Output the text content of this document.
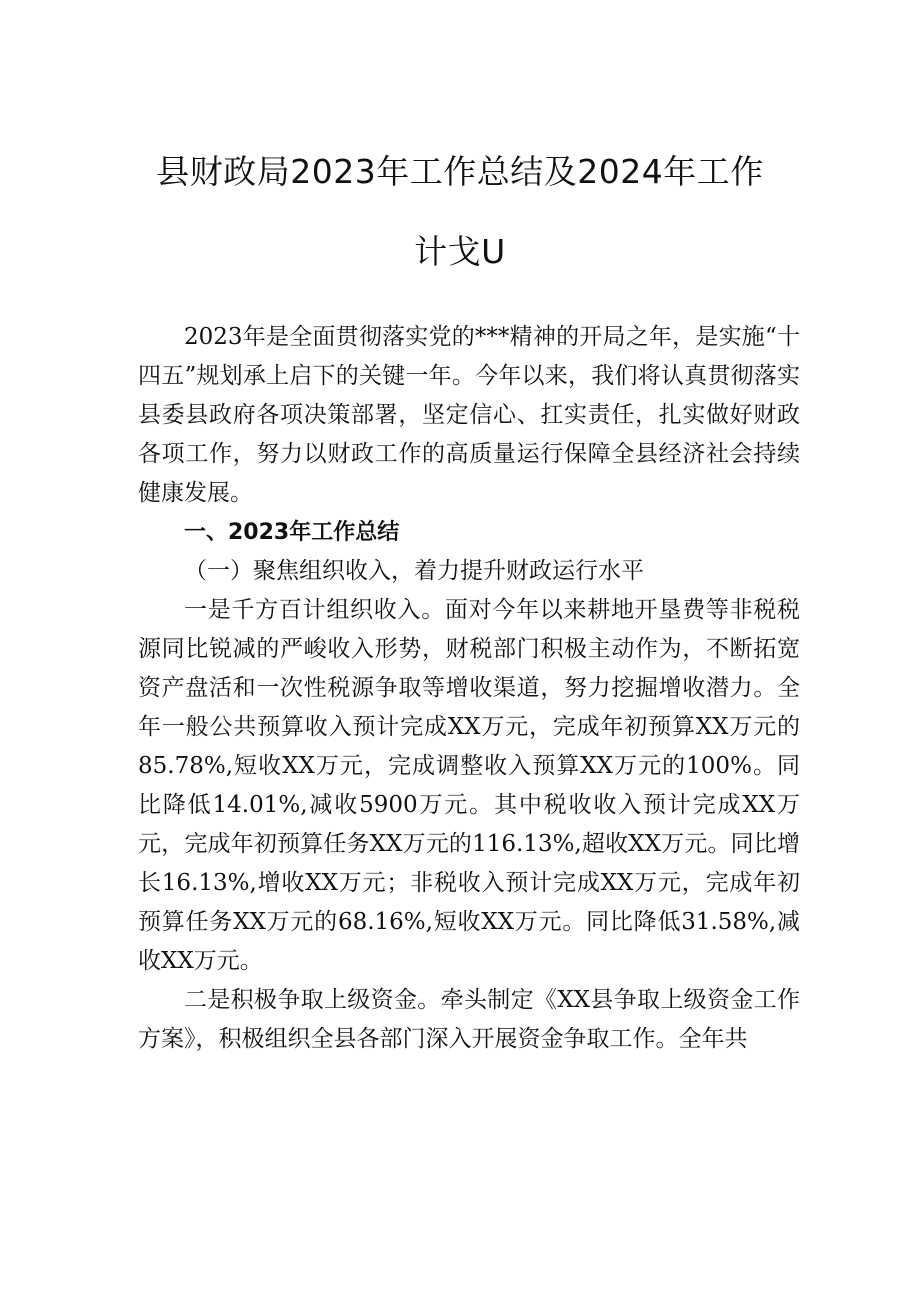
县财政局2023年工作总结及2024年工作
计戈U

2023年是全面贯彻落实党的***精神的开局之年，是实施“十四五”规划承上启下的关键一年。今年以来，我们将认真贯彻落实县委县政府各项决策部署，坚定信心、扛实责任，扎实做好财政各项工作，努力以财政工作的高质量运行保障全县经济社会持续健康发展。

一、2023年工作总结

（一）聚焦组织收入，着力提升财政运行水平

一是千方百计组织收入。面对今年以来耕地开垦费等非税税源同比锐减的严峻收入形势，财税部门积极主动作为，不断拓宽资产盘活和一次性税源争取等增收渠道，努力挖掘增收潜力。全年一般公共预算收入预计完成XX万元，完成年初预算XX万元的85.78%,短收XX万元，完成调整收入预算XX万元的100%。同比降低14.01%,减收5900万元。其中税收收入预计完成XX万元，完成年初预算任务XX万元的116.13%,超收XX万元。同比增长16.13%,增收XX万元；非税收入预计完成XX万元，完成年初预算任务XX万元的68.16%,短收XX万元。同比降低31.58%,减收XX万元。

二是积极争取上级资金。牵头制定《XX县争取上级资金工作方案》，积极组织全县各部门深入开展资金争取工作。全年共
